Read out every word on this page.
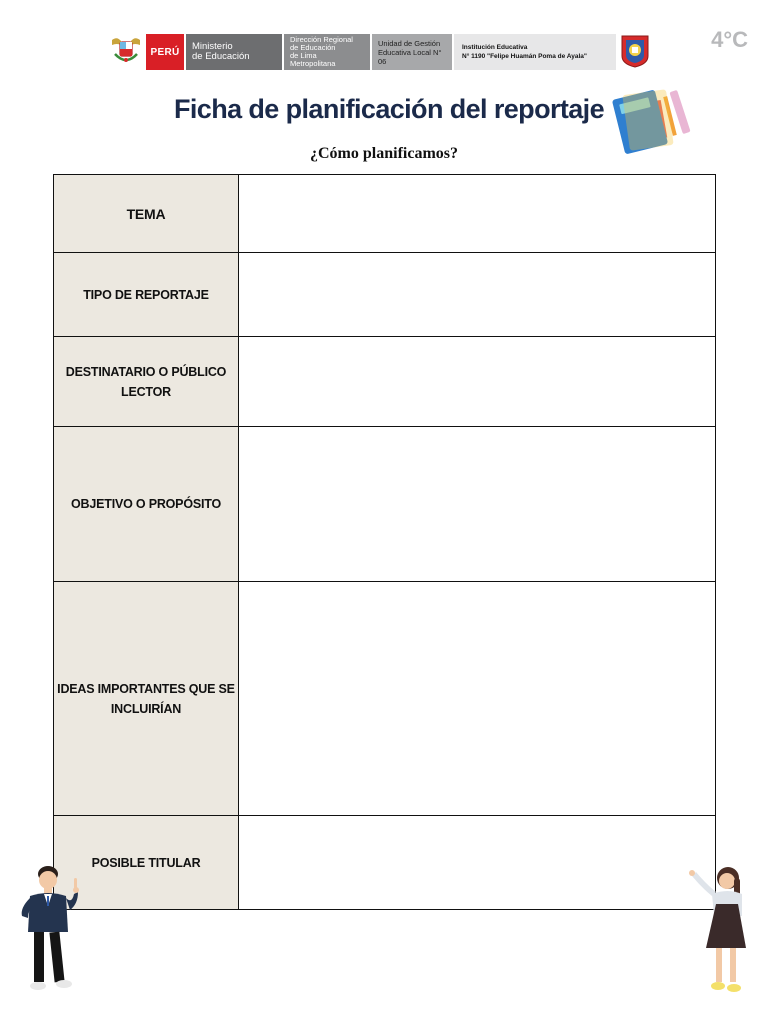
PERÚ	Ministerio
de Educación
Dirección Regional
de Educación
de Lima Metropolitana
Unidad de Gestión
Educativa Local N° 06
Institución Educativa
N° 1190 "Felipe Huamán Poma de Ayala"
4°C
Ficha de planificación del reportaje
¿Cómo planificamos?
TEMA	
TIPO DE REPORTAJE	
DESTINATARIO O PÚBLICO LECTOR	
OBJETIVO O PROPÓSITO	
IDEAS IMPORTANTES QUE SE INCLUIRÍAN	
POSIBLE TITULAR	
